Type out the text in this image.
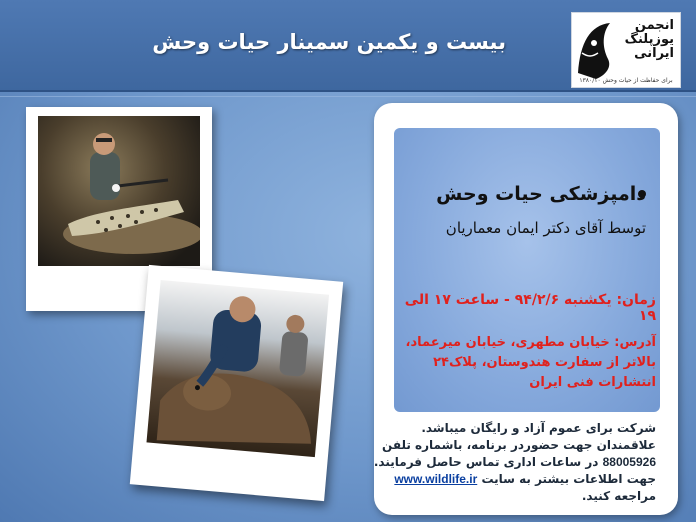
بیست و یکمین سمینار حیات وحش
انجمن
یوزپلنگ
ایرانی
برای حفاظت از حیات وحش ۱۳۸۰/۱۰
دامپزشکی حیات وحش
توسط آقای دکتر ایمان معماریان
زمان: یکشنبه ۹۴/۲/۶ - ساعت ۱۷ الی ۱۹
آدرس: خیابان مطهری، خیابان میرعماد،
بالاتر از سفارت هندوستان، پلاک۲۴
انتشارات فنی ایران
شرکت برای عموم آزاد و رایگان میباشد.
علاقمندان جهت حضوردر برنامه، باشماره تلفن
88005926 در ساعات اداری تماس حاصل فرمایند.
جهت اطلاعات بیشتر به سایت www.wildlife.ir
مراجعه کنید.
